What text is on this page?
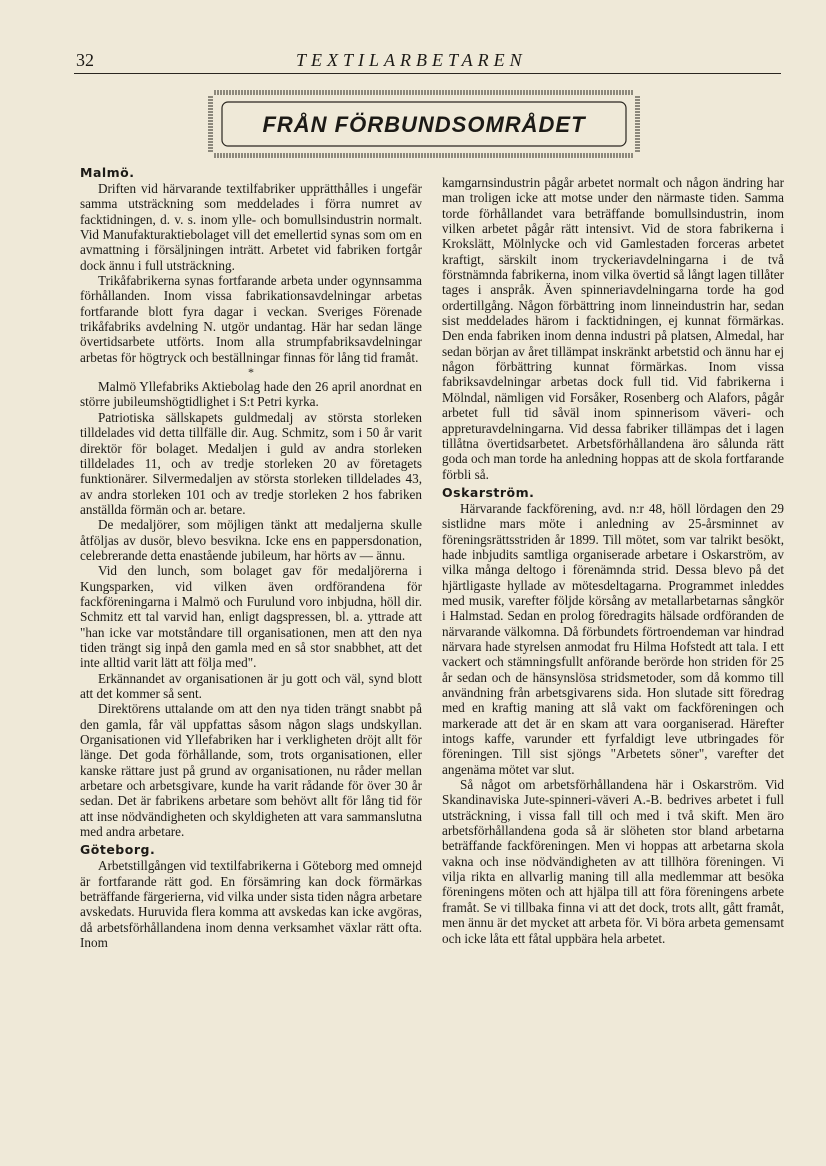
32	TEXTILARBETAREN
FRÅN FÖRBUNDSOMRÅDET
Malmö.

Driften vid härvarande textilfabriker upprätthålles i ungefär samma utsträckning som meddelades i förra numret av facktidningen, d. v. s. inom ylle- och bomullsindustrin normalt. Vid Manufakturaktiebolaget vill det emellertid synas som om en avmattning i försäljningen inträtt. Arbetet vid fabriken fortgår dock ännu i full utsträckning.

Trikåfabrikerna synas fortfarande arbeta under ogynnsamma förhållanden. Inom vissa fabrikationsavdelningar arbetas fortfarande blott fyra dagar i veckan. Sveriges Förenade trikåfabriks avdelning N. utgör undantag. Här har sedan länge övertidsarbete utförts. Inom alla strumpfabriksavdelningar arbetas för högtryck och beställningar finnas för lång tid framåt.

*

Malmö Yllefabriks Aktiebolag hade den 26 april anordnat en större jubileumshögtidlighet i S:t Petri kyrka.

Patriotiska sällskapets guldmedalj av största storleken tilldelades vid detta tillfälle dir. Aug. Schmitz, som i 50 år varit direktör för bolaget. Medaljen i guld av andra storleken tilldelades 11, och av tredje storleken 20 av företagets funktionärer. Silvermedaljen av största storleken tilldelades 43, av andra storleken 101 och av tredje storleken 2 hos fabriken anställda förmän och ar. betare.

De medaljörer, som möjligen tänkt att medaljerna skulle åtföljas av dusör, blevo besvikna. Icke ens en pappersdonation, celebrerande detta enastående jubileum, har hörts av — ännu.

Vid den lunch, som bolaget gav för medaljörerna i Kungsparken, vid vilken även ordförandena för fackföreningarna i Malmö och Furulund voro inbjudna, höll dir. Schmitz ett tal varvid han, enligt dagspressen, bl. a. yttrade att "han icke var motståndare till organisationen, men att den nya tiden trängt sig inpå den gamla med en så stor snabbhet, att det inte alltid varit lätt att följa med".

Erkännandet av organisationen är ju gott och väl, synd blott att det kommer så sent.

Direktörens uttalande om att den nya tiden trängt snabbt på den gamla, får väl uppfattas såsom någon slags undskyllan. Organisationen vid Yllefabriken har i verkligheten dröjt allt för länge. Det goda förhållande, som, trots organisationen, eller kanske rättare just på grund av organisationen, nu råder mellan arbetare och arbetsgivare, kunde ha varit rådande för över 30 år sedan. Det är fabrikens arbetare som behövt allt för lång tid för att inse nödvändigheten och skyldigheten att vara sammanslutna med andra arbetare.

Göteborg.

Arbetstillgången vid textilfabrikerna i Göteborg med omnejd är fortfarande rätt god. En försämring kan dock förmärkas beträffande färgerierna, vid vilka under sista tiden några arbetare avskedats. Huruvida flera komma att avskedas kan icke avgöras, då arbetsförhållandena inom denna verksamhet växlar rätt ofta. Inom

kamgarnsindustrin pågår arbetet normalt och någon ändring har man troligen icke att motse under den närmaste tiden. Samma torde förhållandet vara beträffande bomullsindustrin, inom vilken arbetet pågår rätt intensivt. Vid de stora fabrikerna i Krokslätt, Mölnlycke och vid Gamlestaden forceras arbetet kraftigt, särskilt inom tryckeriavdelningarna i de två förstnämnda fabrikerna, inom vilka övertid så långt lagen tillåter tages i anspråk. Även spinneriavdelningarna torde ha god ordertillgång. Någon förbättring inom linneindustrin har, sedan sist meddelades härom i facktidningen, ej kunnat förmärkas. Den enda fabriken inom denna industri på platsen, Almedal, har sedan början av året tillämpat inskränkt arbetstid och ännu har ej någon förbättring kunnat förmärkas. Inom vissa fabriksavdelningar arbetas dock full tid. Vid fabrikerna i Mölndal, nämligen vid Forsåker, Rosenberg och Alafors, pågår arbetet full tid såväl inom spinnerisom väveri- och appreturavdelningarna. Vid dessa fabriker tillämpas det i lagen tillåtna övertidsarbetet. Arbetsförhållandena äro sålunda rätt goda och man torde ha anledning hoppas att de skola fortfarande förbli så.

Oskarström.

Härvarande fackförening, avd. n:r 48, höll lördagen den 29 sistlidne mars möte i anledning av 25-årsminnet av föreningsrättsstriden år 1899. Till mötet, som var talrikt besökt, hade inbjudits samtliga organiserade arbetare i Oskarström, av vilka många deltogo i förenämnda strid. Dessa blevo på det hjärtligaste hyllade av mötesdeltagarna. Programmet inleddes med musik, varefter följde körsång av metallarbetarnas sångkör i Halmstad. Sedan en prolog föredragits hälsade ordföranden de närvarande välkomna. Då förbundets förtroendeman var hindrad närvara hade styrelsen anmodat fru Hilma Hofstedt att tala. I ett vackert och stämningsfullt anförande berörde hon striden för 25 år sedan och de hänsynslösa stridsmetoder, som då kommo till användning från arbetsgivarens sida. Hon slutade sitt föredrag med en kraftig maning att slå vakt om fackföreningen och markerade att det är en skam att vara oorganiserad. Härefter intogs kaffe, varunder ett fyrfaldigt leve utbringades för föreningen. Till sist sjöngs "Arbetets söner", varefter det angenäma mötet var slut.

Så något om arbetsförhållandena här i Oskarström. Vid Skandinaviska Jute-spinneri-väveri A.-B. bedrives arbetet i full utsträckning, i vissa fall till och med i två skift. Men äro arbetsförhållandena goda så är slöheten stor bland arbetarna beträffande fackföreningen. Men vi hoppas att arbetarna skola vakna och inse nödvändigheten av att tillhöra föreningen. Vi vilja rikta en allvarlig maning till alla medlemmar att besöka föreningens möten och att hjälpa till att föra föreningens arbete framåt. Se vi tillbaka finna vi att det dock, trots allt, gått framåt, men ännu är det mycket att arbeta för. Vi böra arbeta gemensamt och icke låta ett fåtal uppbära hela arbetet.
